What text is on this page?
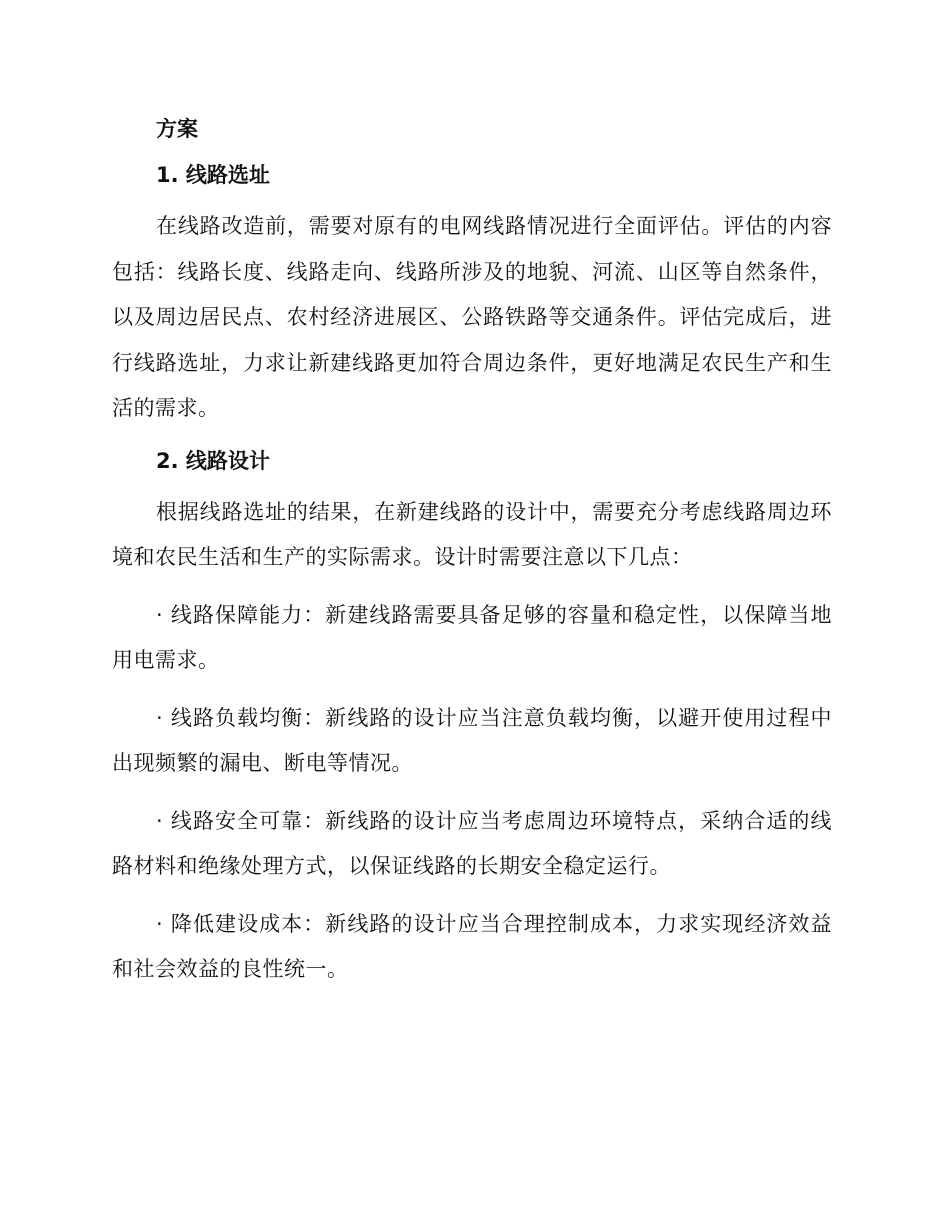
方案
1. 线路选址

在线路改造前，需要对原有的电网线路情况进行全面评估。评估的内容包括：线路长度、线路走向、线路所涉及的地貌、河流、山区等自然条件，以及周边居民点、农村经济进展区、公路铁路等交通条件。评估完成后，进行线路选址，力求让新建线路更加符合周边条件，更好地满足农民生产和生活的需求。

2. 线路设计

根据线路选址的结果，在新建线路的设计中，需要充分考虑线路周边环境和农民生活和生产的实际需求。设计时需要注意以下几点：

· 线路保障能力：新建线路需要具备足够的容量和稳定性，以保障当地用电需求。

· 线路负载均衡：新线路的设计应当注意负载均衡，以避开使用过程中出现频繁的漏电、断电等情况。

· 线路安全可靠：新线路的设计应当考虑周边环境特点，采纳合适的线路材料和绝缘处理方式，以保证线路的长期安全稳定运行。

· 降低建设成本：新线路的设计应当合理控制成本，力求实现经济效益和社会效益的良性统一。
